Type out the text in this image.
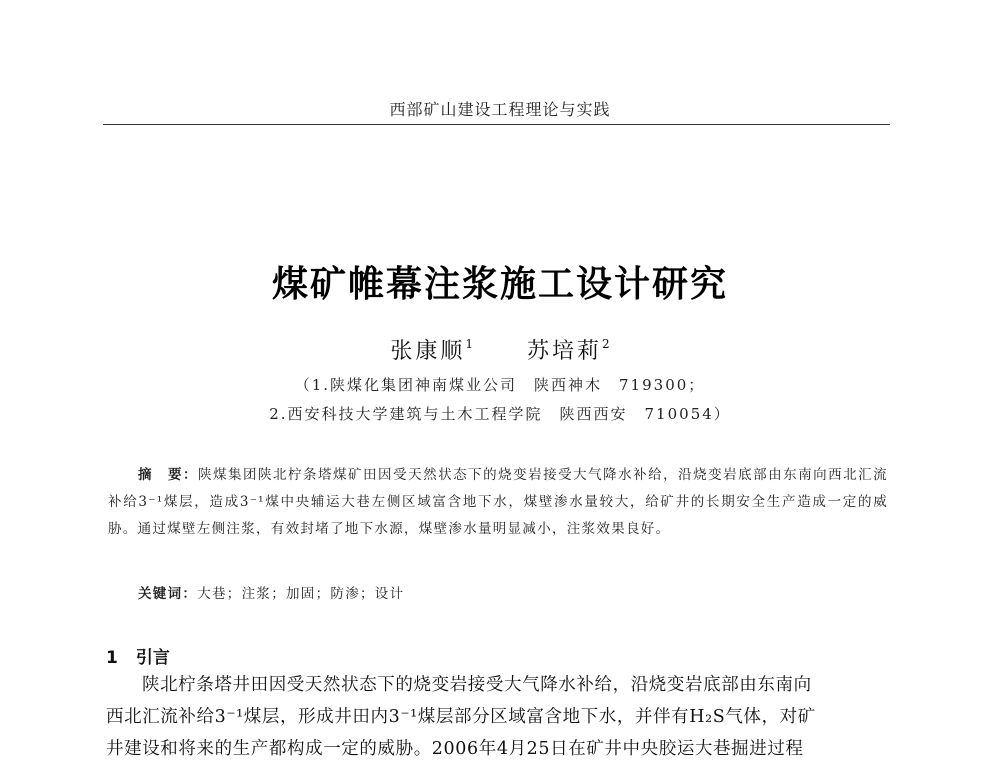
西部矿山建设工程理论与实践
煤矿帷幕注浆施工设计研究
张康顺$^1$ 苏培莉$^2$
（1.陕煤化集团神南煤业公司　陕西神木　719300；
2.西安科技大学建筑与土木工程学院　陕西西安　710054）
摘　要：陕煤集团陕北柠条塔煤矿田因受天然状态下的烧变岩接受大气降水补给，沿烧变岩底部由东南向西北汇流补给3⁻¹煤层，造成3⁻¹煤中央辅运大巷左侧区域富含地下水，煤壁渗水量较大，给矿井的长期安全生产造成一定的威胁。通过煤壁左侧注浆，有效封堵了地下水源，煤壁渗水量明显减小，注浆效果良好。
关键词：大巷；注浆；加固；防渗；设计
1 引言
陕北柠条塔井田因受天然状态下的烧变岩接受大气降水补给，沿烧变岩底部由东南向
西北汇流补给3⁻¹煤层，形成井田内3⁻¹煤层部分区域富含地下水，并伴有H₂S气体，对矿
井建设和将来的生产都构成一定的威胁。2006年4月25日在矿井中央胶运大巷掘进过程
